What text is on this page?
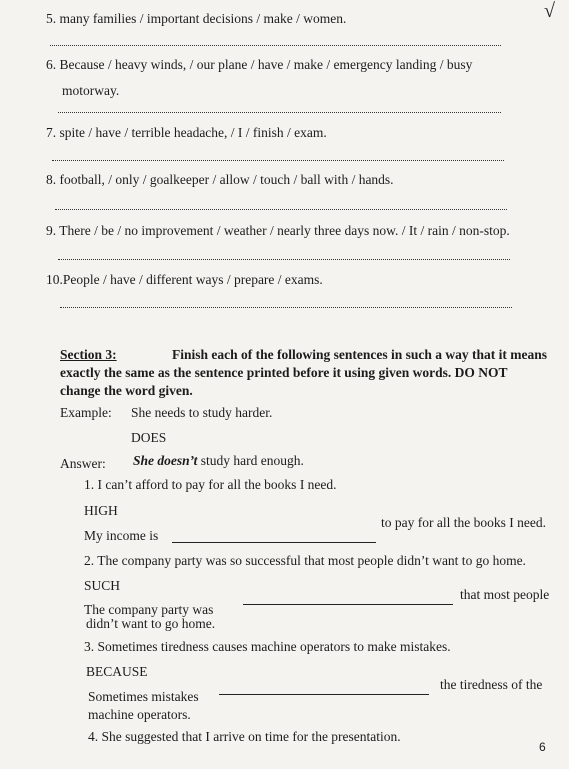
√
5. many families / important decisions / make / women.
6. Because / heavy winds, / our plane / have / make / emergency landing / busy
motorway.
7. spite / have / terrible headache, / I / finish / exam.
8. football, / only / goalkeeper / allow / touch / ball with / hands.
9. There / be / no improvement / weather / nearly three days now. / It / rain / non-stop.
10.People / have / different ways / prepare / exams.
Section 3:	Finish each of the following sentences in such a way that it means
exactly the same as the sentence printed before it using given words. DO NOT
change the word given.
Example: She needs to study harder.
DOES
Answer: She doesn’t study hard enough.
1. I can’t afford to pay for all the books I need.
HIGH
My income is
to pay for all the books I need.
2. The company party was so successful that most people didn’t want to go home.
SUCH
The company party was
that most people
didn’t want to go home.
3. Sometimes tiredness causes machine operators to make mistakes.
BECAUSE
Sometimes mistakes
the tiredness of the
machine operators.
4. She suggested that I arrive on time for the presentation.
6
